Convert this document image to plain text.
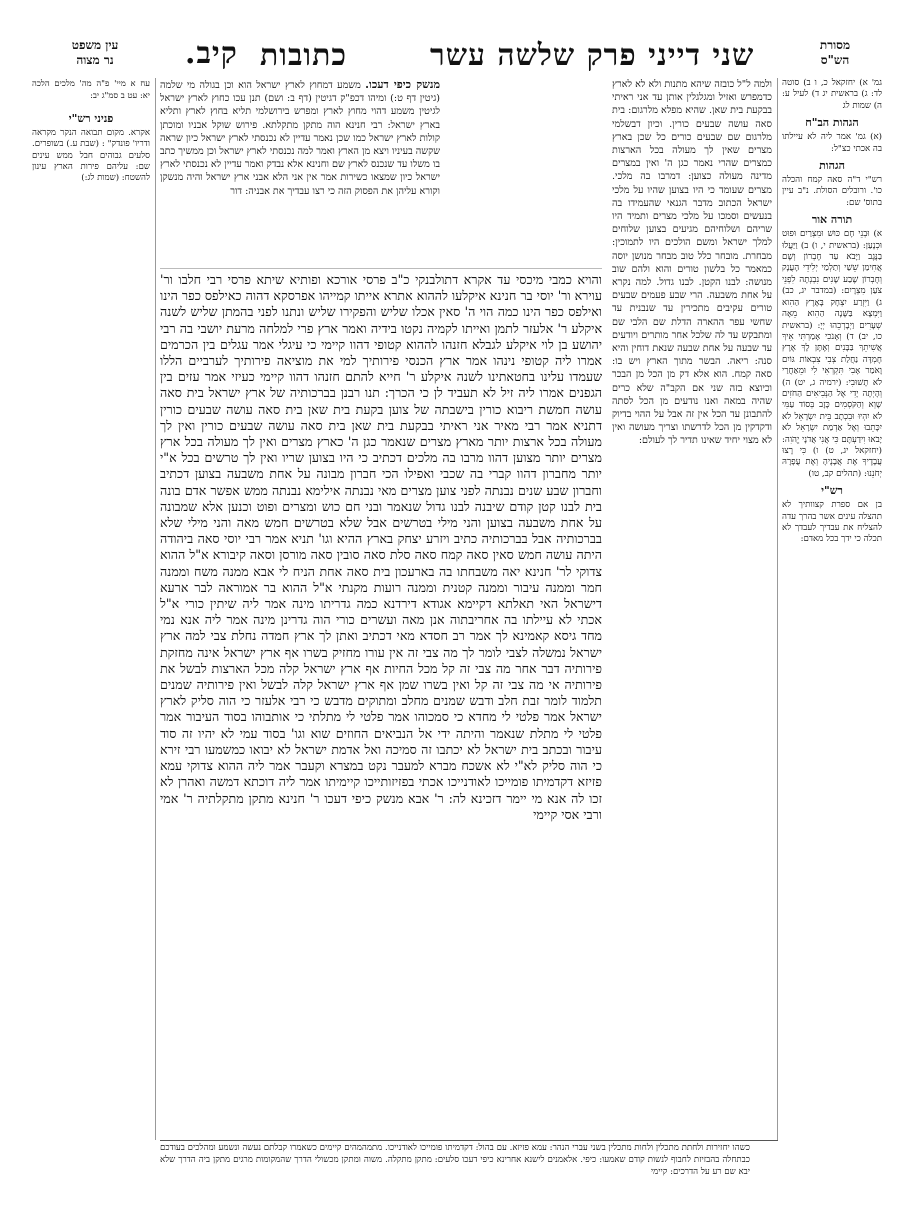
עין משפט
נר מצוה	קיב. כתובות	שני דייני פרק שלשה עשר	מסורת
הש"ס
עח א מיי' פ"ה מה' מלכים הלכה יא: עט ב סמ"ג יב:
פניני רש"י
אקרא. מקום תבואה הנקר מקראה ודריו' פונדק" : (שבת ע.) בשופרים. סלעים גבוהים חבל ממש עינים שם: עליהם פירות הארץ עינון להשטח: (שמות לג:)
מנשק כיפי דעכו. משמע דמחוץ לארץ ישראל הוא וכן בגולה מי שלמה (גיטין דף ט:) ומיהו דכפ"ק דגיטין (דף ב: ושם) תנן עכו כחוץ לארץ ישראל לגיטין משמע דהוי מחוץ לארץ ומפרש בירושלמי תליא בחוץ לארץ ותליא בארץ ישראל: רבי חנינא הוה מתקן מתקלתא. פירוש שוקל אבניו ומוכתן קולות לארץ ישראל כמו שכן נאמר עדיין לא נכנסתי לארץ ישראל כיון שראה שקשה בעיניו ויצא מן הארץ ואמר למה נכנסתי לארץ ישראל וכן ממשיך כתב בו משלו עד שנכנס לארץ שם וחנינא אלא נבדק ואמר עדיין לא נכנסתי לארץ ישראל כיון שמצאו כשירות אמר אין אני הלא אבני ארץ ישראל והיה מנשקן וקורא עליהן את הפסוק הזה כי רצו עבדיך את אבניה: דור
ולמה ל"ל כובזה שיהא מתנות ולא לא לארץ כדמפרש ואזיל ומגלגלין אותן עד אני ראיתי בבקעת בית שאן. שהיא מפלא מלרגום: בית סאה עושה שבעים כורין. וכיון דבשלמי מלרגום שם שבעים כורים כל שכן בארץ מצרים שאין לך מעולה בכל הארצות כמצרים שהרי נאמר כגן ה' ואין במצרים מדינה מעולה כצוען: דמרבו בה מלכי. מצרים שעומד כי היו בצוען שהיו על מלכי ישראל הכתוב מדבר הגנאי שהעמידו בה בנעשים וסמכו על מלכי מצרים ותמיד היו שריהם ושלוחיהם מגיעים בצוען שלוחים למלך ישראל ומשם הולכים היו לתמוכין: מבחרת. מובחר כלל טוב מבחר מנושן יוסה כמאמר כל בלשון טורים והוא ולהם שוב מנושה: לבנו הקטן. לבנו גדול. למה נקרא על אחת משבעה. הרי שבע פעמים שבעים טורים עקיבים מתכירין עד שנבנית עד שחשי עפר ההארה הדלת שם הלבי שם ומתבקש עד לה שלכל אחר מותרים ויודעים עד שבעה על אחת שבעה שנאת דוחין והיא סנה: ריאה. הבשר מתוך הארץ ויש בו: סאה קמח. הוא אלא דק מן הכל מן הבכר וכיוצא בזה שני אם הקב"ה שלא כרים שהיה במאה ואנו נודעים מן הכל לסתה להתבונן עד הכל אין זה אבל על ההוי בדיוק ודקדקין מן הכל לדרשתו וצריך מעושה ואין לא מצוי יחיד שאינו תדיר לך לעולם:
והויא כמבי מיכסי עד אקרא דתולבנקי כ"ב פרסי אורכא ופותיא שיתא פרסי רבי חלבו ור' עוירא ור' יוסי בר חנינא איקלעו לההוא אתרא אייתו קמייהו אפרסקא דהוה כאילפס כפר הינו ואילפס כפר הינו כמה הוי ה' סאין אכלו שליש והפקירו שליש ונתנו לפני בהמתן שליש לשנה איקלע ר' אלעזר לתמן ואייתו לקמיה נקטו בידיה ואמר ארץ פרי למלחה מרעת יושבי בה רבי יהושע בן לוי איקלע לגבלא חזנהו לההוא קטופי דהוו קיימי כי עיגלי אמר עגלים בין הכרמים אמרו ליה קטופי נינהו אמר ארץ הכנסי פירותיך למי את מוציאה פירותיך לערביים הללו שעמדו עלינו בחטאתינו לשנה איקלע ר' חייא להתם חזנהו דהוו קיימי כעיזי אמר עזים בין הגפנים אמרו ליה זיל לא תעביד לן כי הכרך: תנו רבנן בברכותיה של ארץ ישראל בית סאה עושה חמשת ריבוא כורין בישבתה של צוען בקעת בית שאן בית סאה עושה שבעים כורין דתניא אמר רבי מאיר אני ראיתי בבקעת בית שאן בית סאה עושה שבעים כורין ואין לך מעולה בכל ארצות יותר מארץ מצרים שנאמר כגן ה' כארץ מצרים ואין לך מעולה בכל ארץ מצרים יותר מצוען דהוו מרבו בה מלכים דכתיב כי היו בצוען שריו ואין לך טרשים בכל א"י יותר מחברון דהוו קברי בה שכבי ואפילו הכי חברון מבונה על אחת משבעה בצוען דכתיב וחברון שבע שנים נבנתה לפני צוען מצרים מאי נבנתה אילימא נבנתה ממש אפשר אדם בונה בית לבנו קטן קודם שיבנה לבנו גדול שנאמר ובני חם כוש ומצרים ופוט וכנען אלא שמבונה על אחת משבעה בצוען והני מילי בטרשים אבל שלא בטרשים חמש מאה והני מילי שלא בברכותיה אבל בברכותיה כתיב ויזרע יצחק בארץ ההיא וגו' תניא אמר רבי יוסי סאה ביהודה היתה עושה חמש סאין סאה קמח סאה סלת סאה סובין סאה מורסן וסאה קיבורא א"ל ההוא צדוקי לר' חנינא יאה משבחתו בה בארעכון בית סאה אחת הניח לי אבא ממנה משח וממנה חמר וממנה עיבור וממנה קטנית וממנה רועות מקנתי א"ל ההוא בר אמוראה לבר ארעא דישראל האי תאלתא דקיימא אגודא דירדנא כמה גדריתו מינה אמר ליה שיתין כורי א"ל אכתי לא עיילתו בה אחריבתוה אנן מאה ועשרים כורי הוה גדרינן מינה אמר ליה אנא נמי מחד גיסא קאמינא לך אמר רב חסדא מאי דכתיב ואתן לך ארץ חמדה נחלת צבי למה ארץ ישראל נמשלה לצבי לומר לך מה צבי זה אין עורו מחזיק בשרו אף ארץ ישראל אינה מחזקת פירותיה דבר אחר מה צבי זה קל מכל החיות אף ארץ ישראל קלה מכל הארצות לבשל את פירותיה אי מה צבי זה קל ואין בשרו שמן אף ארץ ישראל קלה לבשל ואין פירותיה שמנים תלמוד לומר זבת חלב ודבש שמנים מחלב ומתוקים מדבש כי רבי אלעזר כי הוה סליק לארץ ישראל אמר פלטי לי מחדא כי סמכוהו אמר פלטי לי מתלתי כי אותבוהו בסוד העיבור אמר פלטי לי מתלת שנאמר והיתה ידי אל הנביאים החוזים שוא וגו' בסוד עמי לא יהיו זה סוד עיבור ובכתב בית ישראל לא יכתבו זה סמיכה ואל אדמת ישראל לא יבואו כמשמעו רבי זירא כי הוה סליק לא"י לא אשכח מברא למעבר נקט במצרא וקעבר אמר ליה ההוא צדוקי עמא פזיזא דקדמיתו פומייכו לאודנייכו אכתי בפזיזותייכו קיימיתו אמר ליה דוכתא דמשה ואהרן לא זכו לה אנא מי יימר דזכינא לה: ר' אבא מנשק כיפי דעכו ר' חנינא מתקן מתקלתיה ר' אמי ורבי אסי קיימי
גמ' א) יחזקאל כ, ו ב) סוטה לד: ג) בראשית יג ד) לעיל ע: ה) שמות לג
הגהות הב"ח
(א) גמ' אמר ליה לא עיילתו בה אכתי כצ"ל:
הגהות
רש"י ד"ה סאה קמח והכלה כו'. ורובלים הסולת. נ"ב עיין בתוס' שם:
תורה אור
א) וּבְנֵי חָם כּוּשׁ וּמִצְרַיִם וּפוּט וּכְנָעַן: (בראשית י, ו) ב) וַיַּעֲלוּ בַנֶּגֶב וַיָּבֹא עַד חֶבְרוֹן וְשָׁם אֲחִימַן שֵׁשַׁי וְתַלְמַי יְלִידֵי הָעֲנָק וְחֶבְרוֹן שֶׁבַע שָׁנִים נִבְנְתָה לִפְנֵי צֹעַן מִצְרָיִם: (במדבר יג, כב) ג) וַיִּזְרַע יִצְחָק בָּאָרֶץ הַהִוא וַיִּמְצָא בַּשָּׁנָה הַהִוא מֵאָה שְׁעָרִים וַיְבָרְכֵהוּ יְיָ: (בראשית כו, יב) ד) וְאָנֹכִי אָמַרְתִּי אֵיךְ אֲשִׁיתֵךְ בַּבָּנִים וְאֶתֶּן לָךְ אֶרֶץ חֶמְדָּה נַחֲלַת צְבִי צִבְאוֹת גּוֹיִם וָאֹמַר אָבִי תִּקְרְאִי לִי וּמֵאַחֲרַי לֹא תָשׁוּבִי: (ירמיה ג, יט) ה) וְהָיְתָה יָדִי אֶל הַנְּבִיאִים הַחֹזִים שָׁוְא וְהַקֹּסְמִים כָּזָב בְּסוֹד עַמִּי לֹא יִהְיוּ וּבִכְתָב בֵּית יִשְׂרָאֵל לֹא יִכָּתֵבוּ וְאֶל אַדְמַת יִשְׂרָאֵל לֹא יָבֹאוּ וִידַעְתֶּם כִּי אֲנִי אֲדֹנָי יֱהֹוִה: (יחזקאל יג, ט) ו) כִּי רָצוּ עֲבָדֶיךָ אֶת אֲבָנֶיהָ וְאֶת עֲפָרָהּ יְחֹנֵנוּ: (תהלים קב, טו)
רש"י
בן אם ספרת קצוותיך לא תהצלה עינים אשר בהרך עדה להצליח את עבדיך לעבדך לא תכלה כי ידך בכל מאדם:
כשהו יחזירות ולחתת מתכלין ולחות מתכלין בשני עברי הנהר: עמא פזיזא. עם בהול: דקדמיתו פומייכו לאודנייכו. מתמהמהים קיימים כשאמרו קבלתם נעשה ונשמע ומהלכים בעודכם כבתחלה בהבזיזת לחבוף לנשות קודם שאמעו: כיפי. אלאמנים לישנא אחרינא כיפי דעכו סלעים: מתקן מתקלה. משוה ומתקן מכשולי הדרך שהמקומות מרגים מתקן ביה הדרך שלא יבא שם רע על הדרכים: קיימי
